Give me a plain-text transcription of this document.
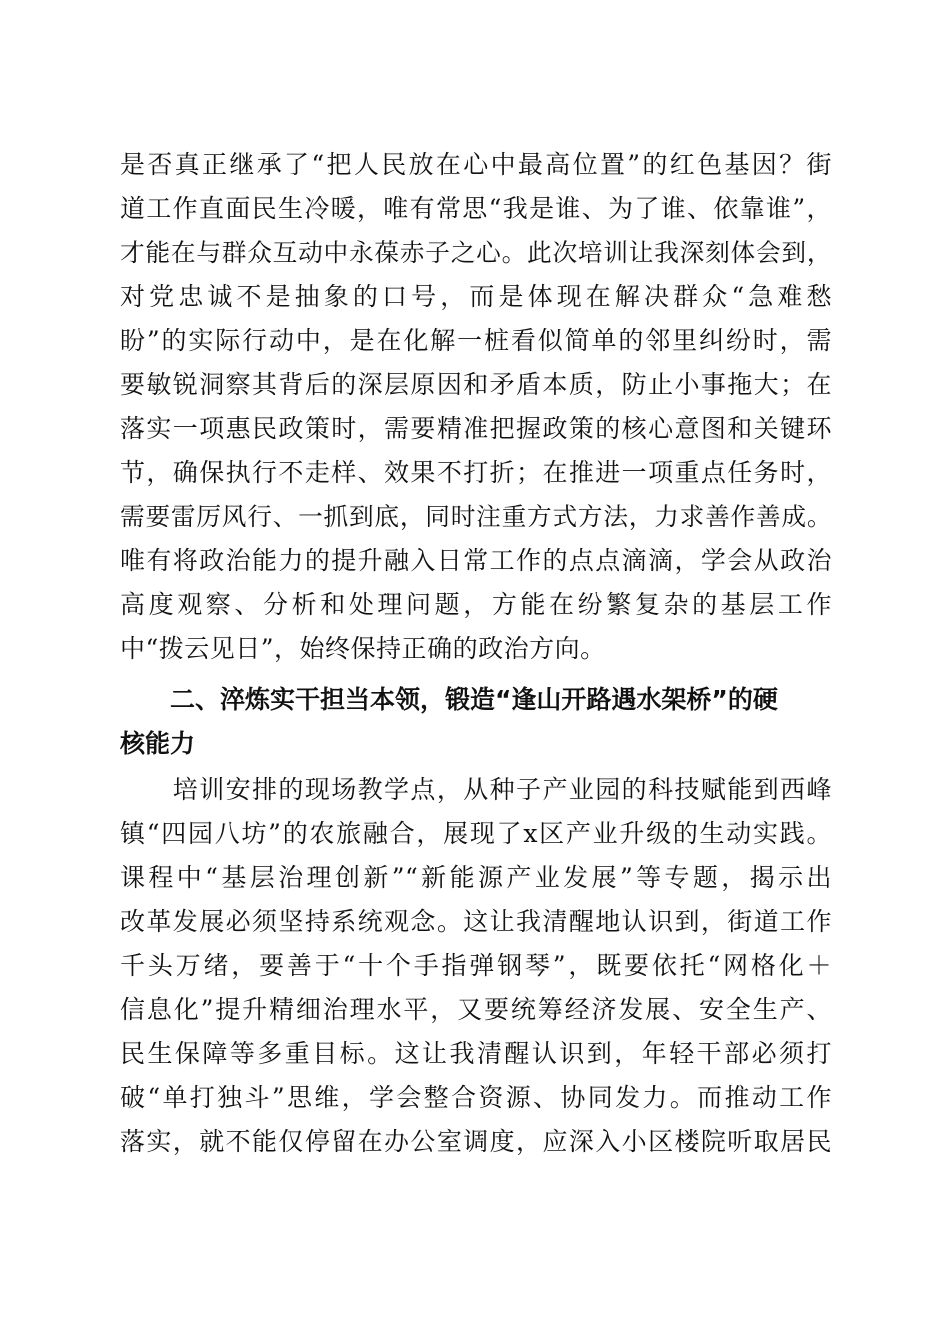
是否真正继承了“把人民放在心中最高位置”的红色基因？街
道工作直面民生冷暖，唯有常思“我是谁、为了谁、依靠谁”，
才能在与群众互动中永葆赤子之心。此次培训让我深刻体会到，
对党忠诚不是抽象的口号，而是体现在解决群众“急难愁
盼”的实际行动中，是在化解一桩看似简单的邻里纠纷时，需
要敏锐洞察其背后的深层原因和矛盾本质，防止小事拖大；在
落实一项惠民政策时，需要精准把握政策的核心意图和关键环
节，确保执行不走样、效果不打折；在推进一项重点任务时，
需要雷厉风行、一抓到底，同时注重方式方法，力求善作善成。
唯有将政治能力的提升融入日常工作的点点滴滴，学会从政治
高度观察、分析和处理问题，方能在纷繁复杂的基层工作
中“拨云见日”，始终保持正确的政治方向。
　　二、淬炼实干担当本领，锻造“逢山开路遇水架桥”的硬
核能力
　　培训安排的现场教学点，从种子产业园的科技赋能到西峰
镇“四园八坊”的农旅融合，展现了x区产业升级的生动实践。
课程中“基层治理创新”“新能源产业发展”等专题，揭示出
改革发展必须坚持系统观念。这让我清醒地认识到，街道工作
千头万绪，要善于“十个手指弹钢琴”，既要依托“网格化＋
信息化”提升精细治理水平，又要统筹经济发展、安全生产、
民生保障等多重目标。这让我清醒认识到，年轻干部必须打
破“单打独斗”思维，学会整合资源、协同发力。而推动工作
落实，就不能仅停留在办公室调度，应深入小区楼院听取居民
